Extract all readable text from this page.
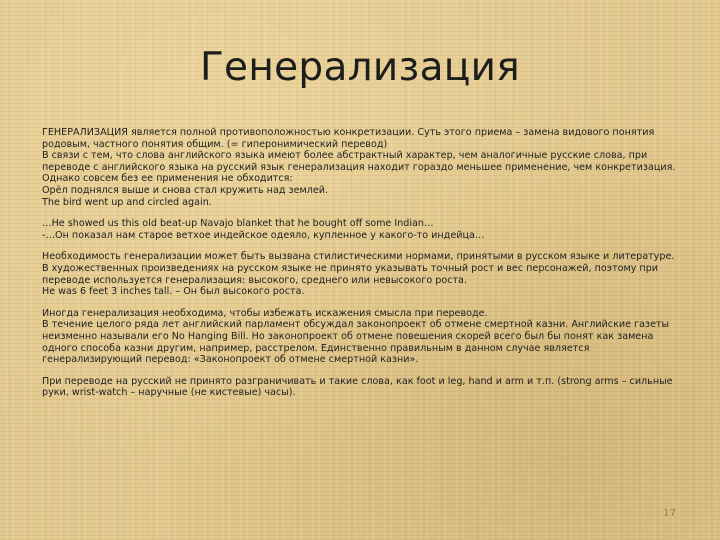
Генерализация

ГЕНЕРАЛИЗАЦИЯ является полной противоположностью конкретизации. Суть этого приема – замена видового понятия родовым, частного понятия общим. (= гиперонимический перевод)

В связи с тем, что слова английского языка имеют более абстрактный характер, чем аналогичные русские слова, при переводе с английского языка на русский язык генерализация находит гораздо меньшее применение, чем конкретизация. Однако совсем без ее применения не обходится:

Орёл поднялся выше и снова стал кружить над землей.

The bird went up and circled again.

…He showed us this old beat-up Navajo blanket that he bought off some Indian…

-…Он показал нам старое ветхое индейское одеяло, купленное у какого-то индейца…

Необходимость генерализации может быть вызвана стилистическими нормами, принятыми в русском языке и литературе. В художественных произведениях на русском языке не принято указывать точный рост и вес персонажей, поэтому при переводе используется генерализация: высокого, среднего или невысокого роста.

He was 6 feet 3 inches tall. – Он был высокого роста.

Иногда генерализация необходима, чтобы избежать искажения смысла при переводе.

В течение целого ряда лет английский парламент обсуждал законопроект об отмене смертной казни. Английские газеты неизменно называли его No Hanging Bill. Но законопроект об отмене повешения скорей всего был бы понят как замена одного способа казни другим, например, расстрелом. Единственно правильным в данном случае является генерализирующий перевод: «Законопроект об отмене смертной казни».

При переводе на русский не принято разграничивать и такие слова, как foot и leg, hand и arm и т.п. (strong arms – сильные руки, wrist-watch – наручные (не кистевые) часы).

17
